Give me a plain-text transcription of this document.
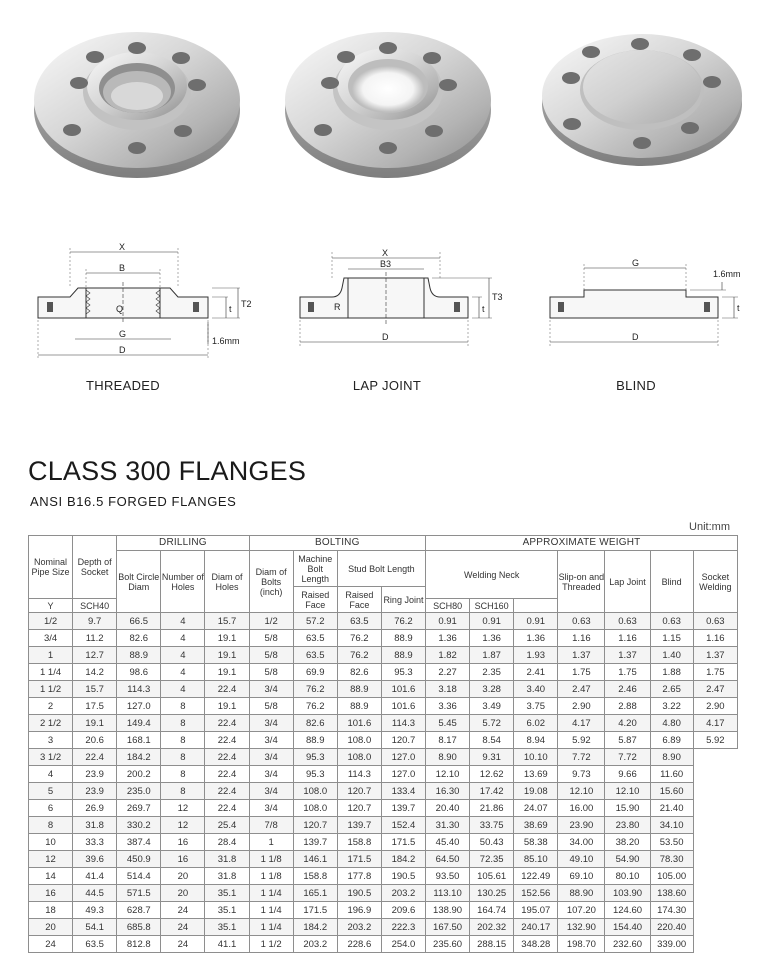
X
B
Q
G
D
t T2
1.6mm
X
B3
R
D
t
T3
G
D
t
1.6mm
THREADED	LAP JOINT	BLIND
CLASS 300 FLANGES

ANSI B16.5 FORGED FLANGES

Unit:mm
Nominal Pipe Size	Depth of Socket	DRILLING			BOLTING				APPROXIMATE WEIGHT						
		Bolt Circle Diam	Number of Holes	Diam of Holes	Diam of Bolts (inch)	Machine Bolt Length	Stud Bolt Length		Welding Neck			Slip-on and Threaded	Lap Joint	Blind	Socket Welding
						Raised Face	Raised Face	Ring Joint							
Y	SCH40								SCH80	SCH160					
1/2	9.7	66.5	4	15.7	1/2	57.2	63.5	76.2	0.91	0.91	0.91	0.63	0.63	0.63	0.63
3/4	11.2	82.6	4	19.1	5/8	63.5	76.2	88.9	1.36	1.36	1.36	1.16	1.16	1.15	1.16
1	12.7	88.9	4	19.1	5/8	63.5	76.2	88.9	1.82	1.87	1.93	1.37	1.37	1.40	1.37
1 1/4	14.2	98.6	4	19.1	5/8	69.9	82.6	95.3	2.27	2.35	2.41	1.75	1.75	1.88	1.75
1 1/2	15.7	114.3	4	22.4	3/4	76.2	88.9	101.6	3.18	3.28	3.40	2.47	2.46	2.65	2.47
2	17.5	127.0	8	19.1	5/8	76.2	88.9	101.6	3.36	3.49	3.75	2.90	2.88	3.22	2.90
2 1/2	19.1	149.4	8	22.4	3/4	82.6	101.6	114.3	5.45	5.72	6.02	4.17	4.20	4.80	4.17
3	20.6	168.1	8	22.4	3/4	88.9	108.0	120.7	8.17	8.54	8.94	5.92	5.87	6.89	5.92
3 1/2	22.4	184.2	8	22.4	3/4	95.3	108.0	127.0	8.90	9.31	10.10	7.72	7.72	8.90	
4	23.9	200.2	8	22.4	3/4	95.3	114.3	127.0	12.10	12.62	13.69	9.73	9.66	11.60	
5	23.9	235.0	8	22.4	3/4	108.0	120.7	133.4	16.30	17.42	19.08	12.10	12.10	15.60	
6	26.9	269.7	12	22.4	3/4	108.0	120.7	139.7	20.40	21.86	24.07	16.00	15.90	21.40	
8	31.8	330.2	12	25.4	7/8	120.7	139.7	152.4	31.30	33.75	38.69	23.90	23.80	34.10	
10	33.3	387.4	16	28.4	1	139.7	158.8	171.5	45.40	50.43	58.38	34.00	38.20	53.50	
12	39.6	450.9	16	31.8	1 1/8	146.1	171.5	184.2	64.50	72.35	85.10	49.10	54.90	78.30	
14	41.4	514.4	20	31.8	1 1/8	158.8	177.8	190.5	93.50	105.61	122.49	69.10	80.10	105.00	
16	44.5	571.5	20	35.1	1 1/4	165.1	190.5	203.2	113.10	130.25	152.56	88.90	103.90	138.60	
18	49.3	628.7	24	35.1	1 1/4	171.5	196.9	209.6	138.90	164.74	195.07	107.20	124.60	174.30	
20	54.1	685.8	24	35.1	1 1/4	184.2	203.2	222.3	167.50	202.32	240.17	132.90	154.40	220.40	
24	63.5	812.8	24	41.1	1 1/2	203.2	228.6	254.0	235.60	288.15	348.28	198.70	232.60	339.00	
